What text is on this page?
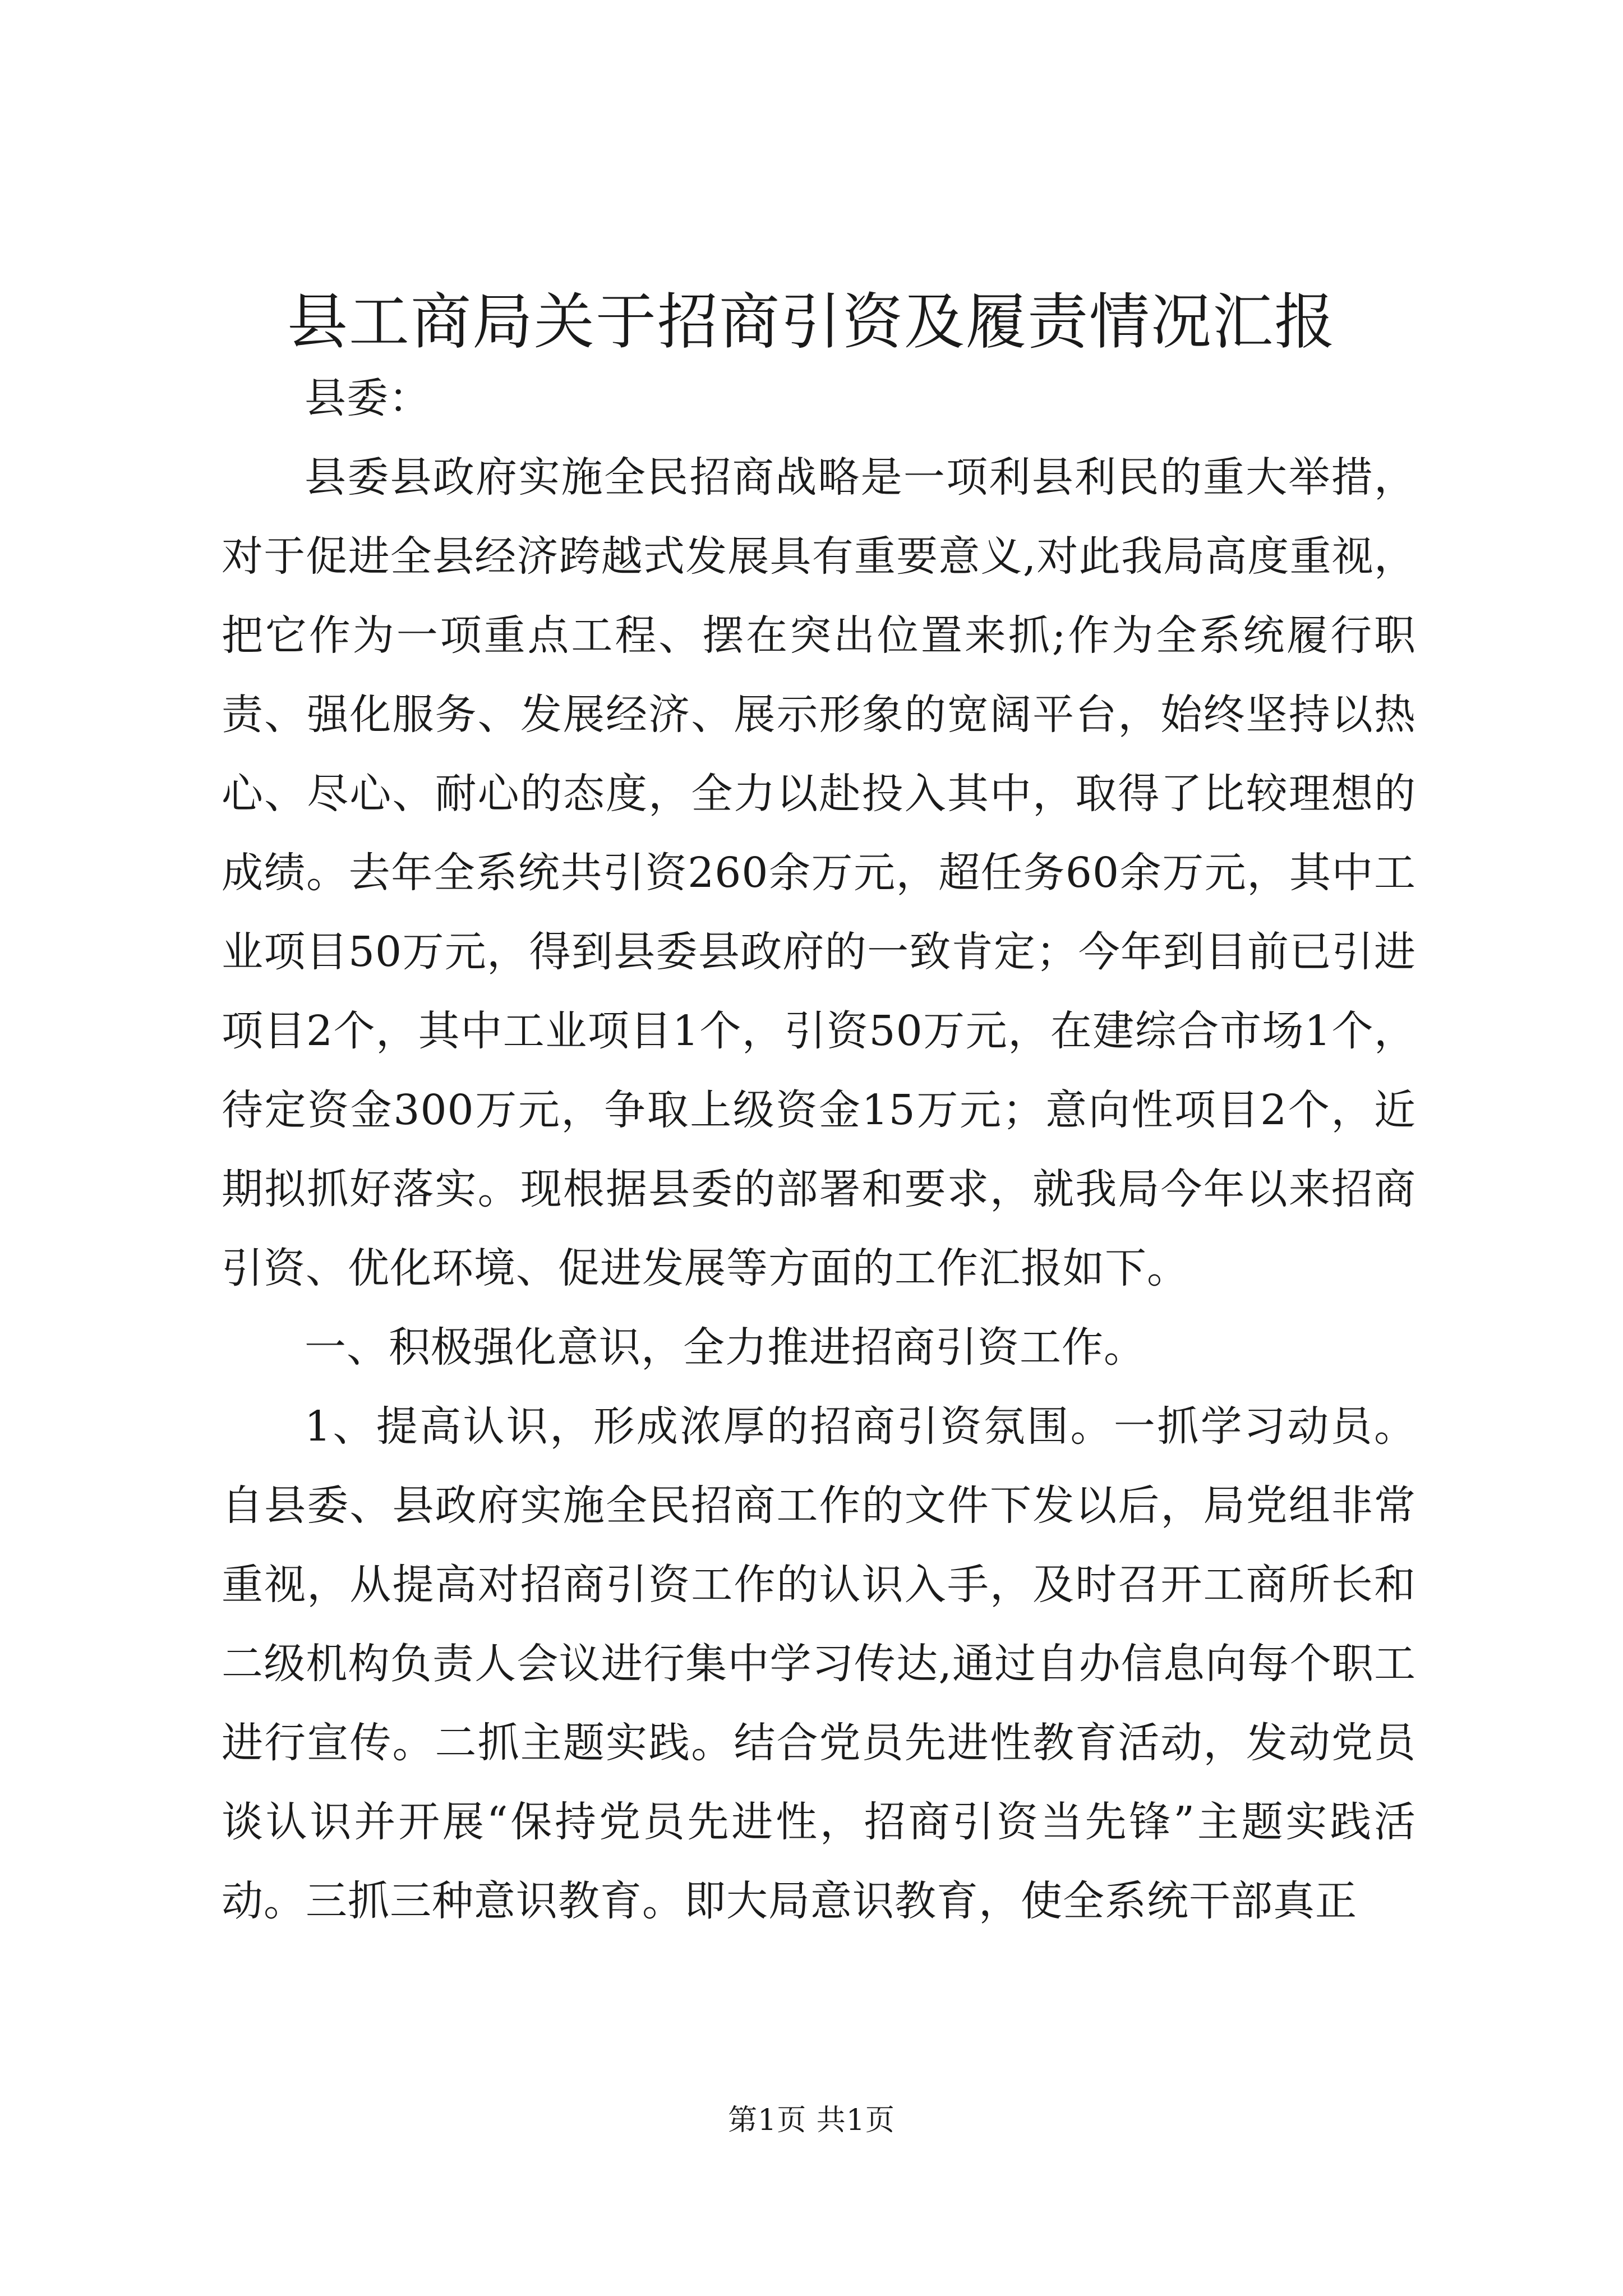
县工商局关于招商引资及履责情况汇报

县委：

县委县政府实施全民招商战略是一项利县利民的重大举措，对于促进全县经济跨越式发展具有重要意义,对此我局高度重视，把它作为一项重点工程、摆在突出位置来抓;作为全系统履行职责、强化服务、发展经济、展示形象的宽阔平台，始终坚持以热心、尽心、耐心的态度，全力以赴投入其中，取得了比较理想的成绩。去年全系统共引资260余万元，超任务60余万元，其中工业项目50万元，得到县委县政府的一致肯定；今年到目前已引进项目2个，其中工业项目1个，引资50万元，在建综合市场1个，待定资金300万元，争取上级资金15万元；意向性项目2个，近期拟抓好落实。现根据县委的部署和要求，就我局今年以来招商引资、优化环境、促进发展等方面的工作汇报如下。

一、积极强化意识，全力推进招商引资工作。

1、提高认识，形成浓厚的招商引资氛围。一抓学习动员。自县委、县政府实施全民招商工作的文件下发以后，局党组非常重视，从提高对招商引资工作的认识入手，及时召开工商所长和二级机构负责人会议进行集中学习传达,通过自办信息向每个职工进行宣传。二抓主题实践。结合党员先进性教育活动，发动党员谈认识并开展“保持党员先进性，招商引资当先锋”主题实践活动。三抓三种意识教育。即大局意识教育，使全系统干部真正

第1页 共1页
